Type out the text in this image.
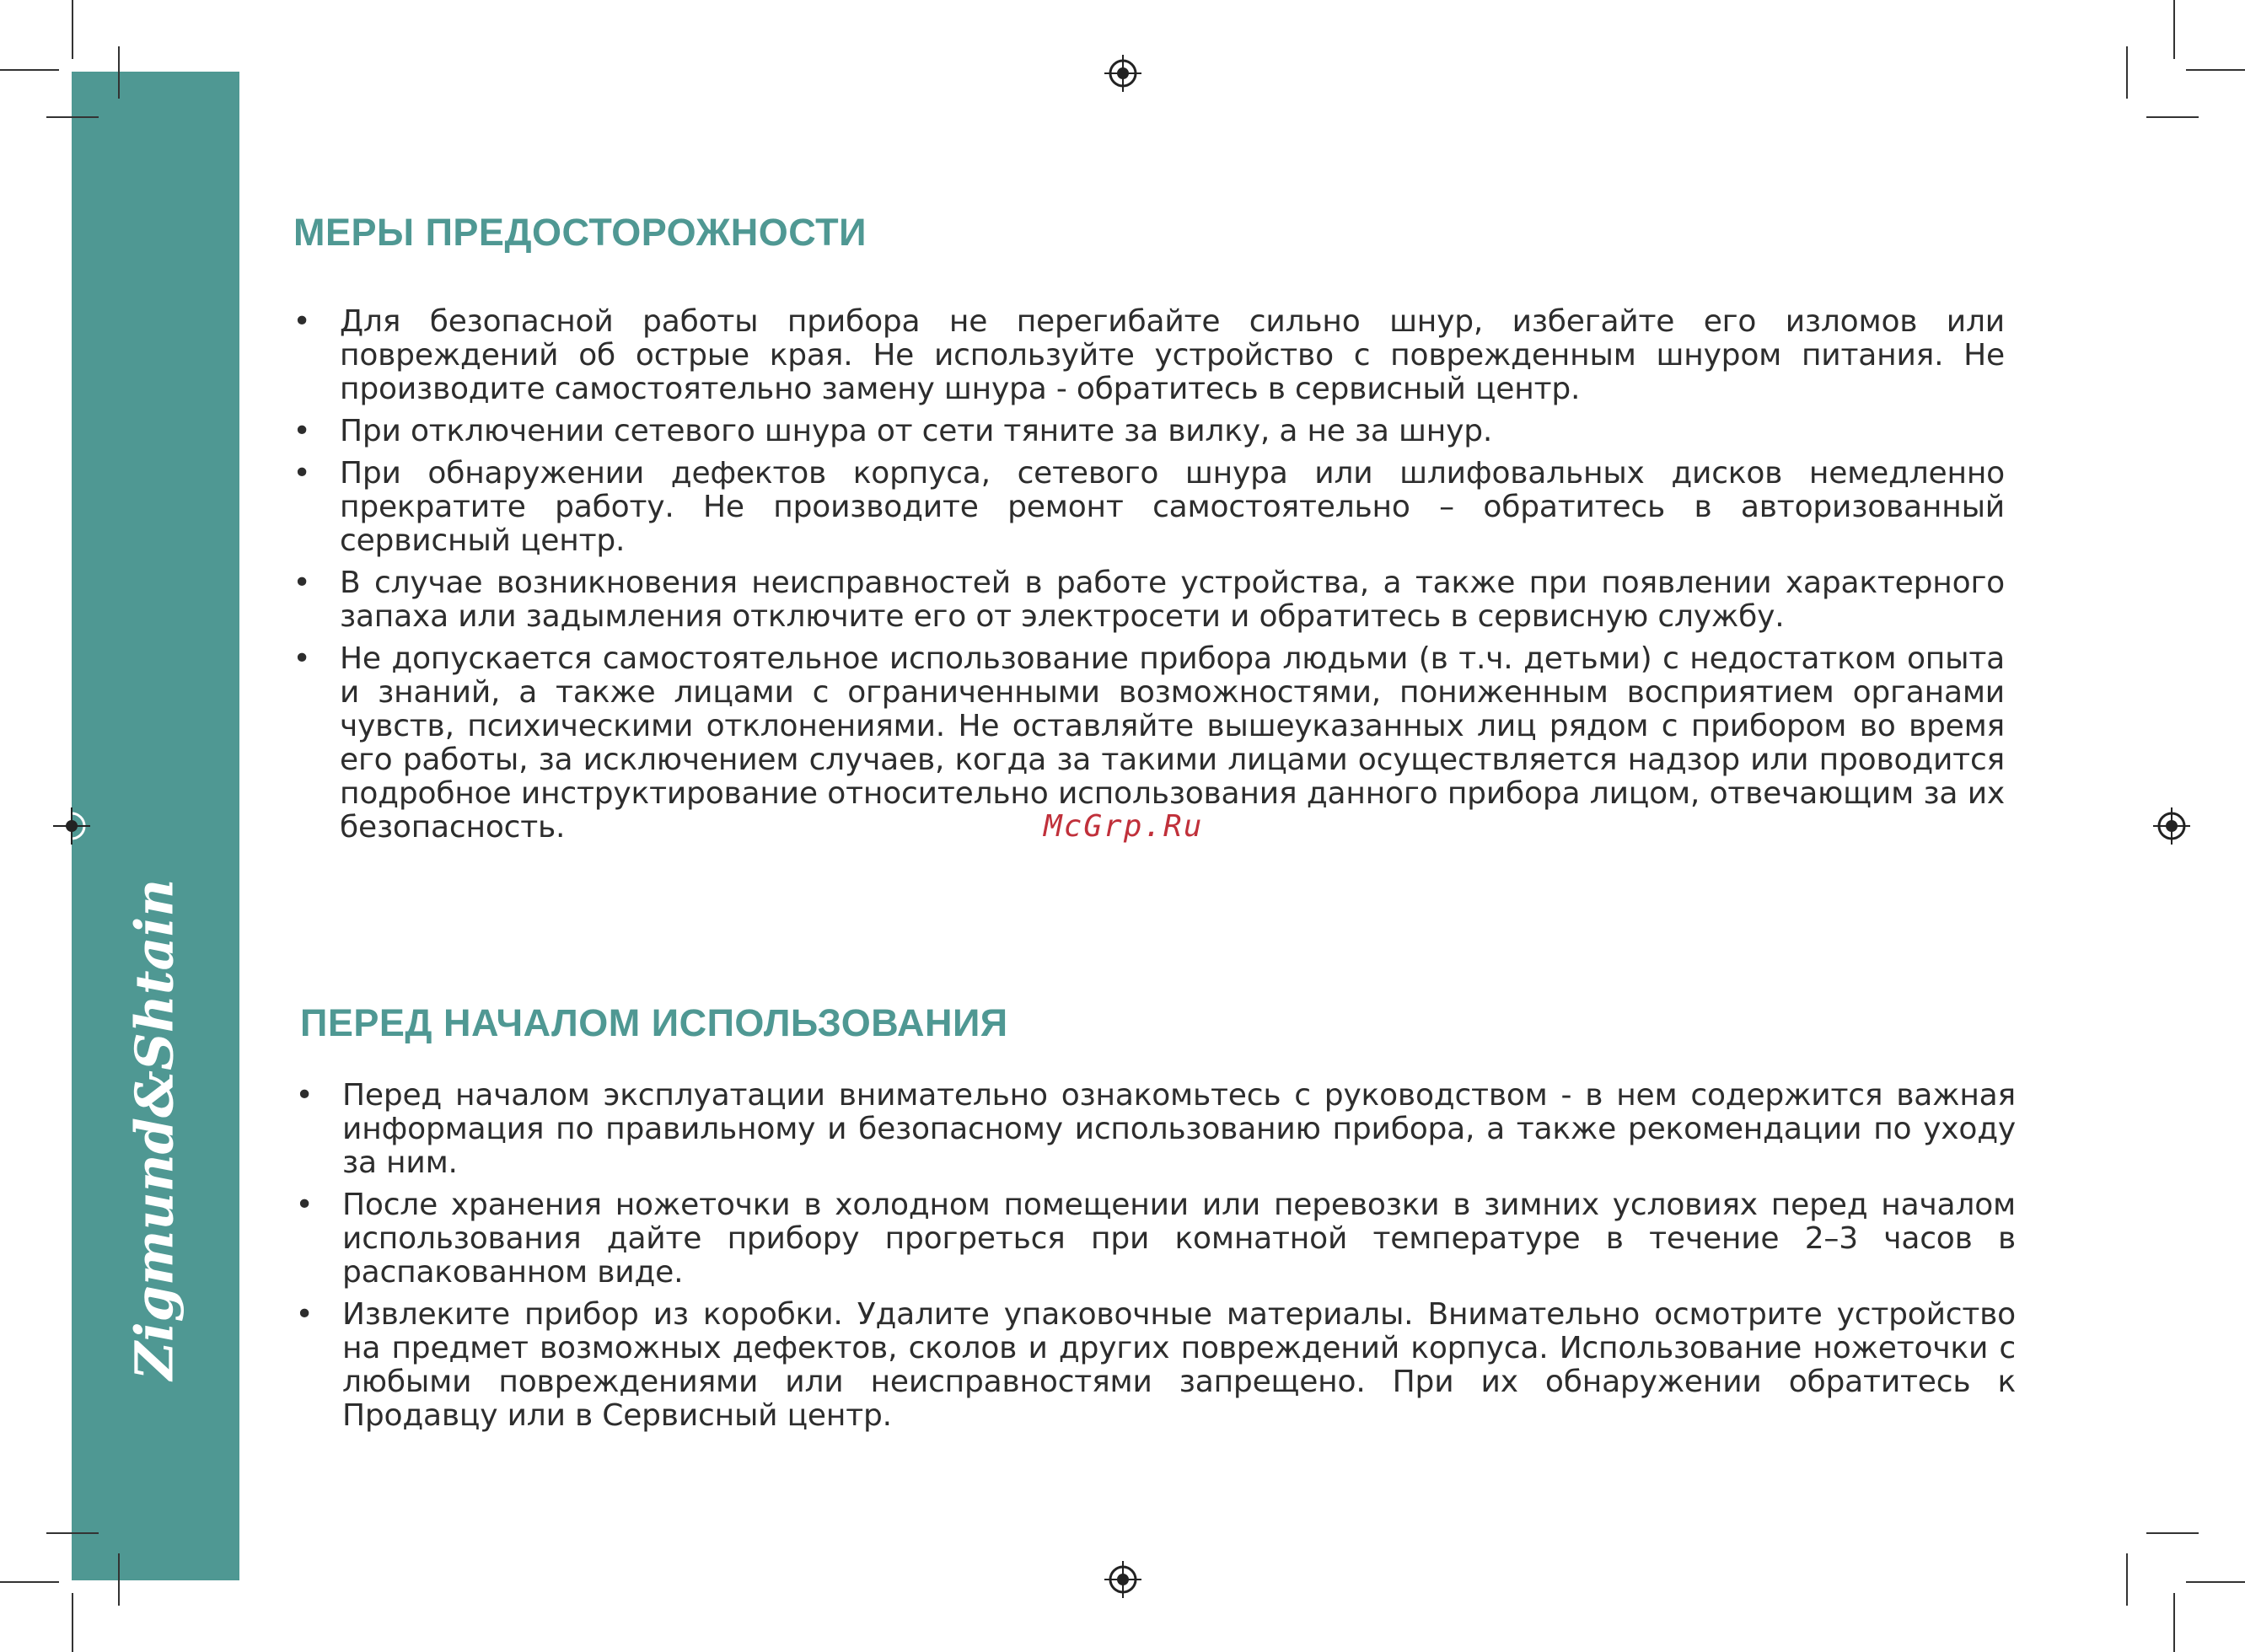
Zigmund&Shtain
МЕРЫ ПРЕДОСТОРОЖНОСТИ
• Для безопасной работы прибора не перегибайте сильно шнур, избегайте его изломов или повреждений об острые края. Не используйте устройство с поврежденным шнуром питания. Не производите самостоятельно замену шнура - обратитесь в сервисный центр.
• При отключении сетевого шнура от сети тяните за вилку, а не за шнур.
• При обнаружении дефектов корпуса, сетевого шнура или шлифовальных дисков немедленно прекратите работу. Не производите ремонт самостоятельно – обратитесь в авторизованный сервисный центр.
• В случае возникновения неисправностей в работе устройства, а также при появлении характерного запаха или задымления отключите его от электросети и обратитесь в сервисную службу.
• Не допускается самостоятельное использование прибора людьми (в т.ч. детьми) с недостатком опыта и знаний, а также лицами с ограниченными возможностями, пониженным восприятием органами чувств, психическими отклонениями. Не оставляйте вышеуказанных лиц рядом с прибором во время его работы, за исключением случаев, когда за такими лицами осуществляется надзор или проводится подробное инструктирование относительно использования данного прибора лицом, отвечающим за их безопасность.	McGrp.Ru
ПЕРЕД НАЧАЛОМ ИСПОЛЬЗОВАНИЯ
• Перед началом эксплуатации внимательно ознакомьтесь с руководством - в нем содержится важная информация по правильному и безопасному использованию прибора, а также рекомендации по уходу за ним.
• После хранения ножеточки в холодном помещении или перевозки в зимних условиях перед началом использования дайте прибору прогреться при комнатной температуре в течение 2–3 часов в распакованном виде.
• Извлеките прибор из коробки. Удалите упаковочные материалы. Внимательно осмотрите устройство на предмет возможных дефектов, сколов и других повреждений корпуса. Использование ножеточки с любыми повреждениями или неисправностями запрещено. При их обнаружении обратитесь к Продавцу или в Сервисный центр.
